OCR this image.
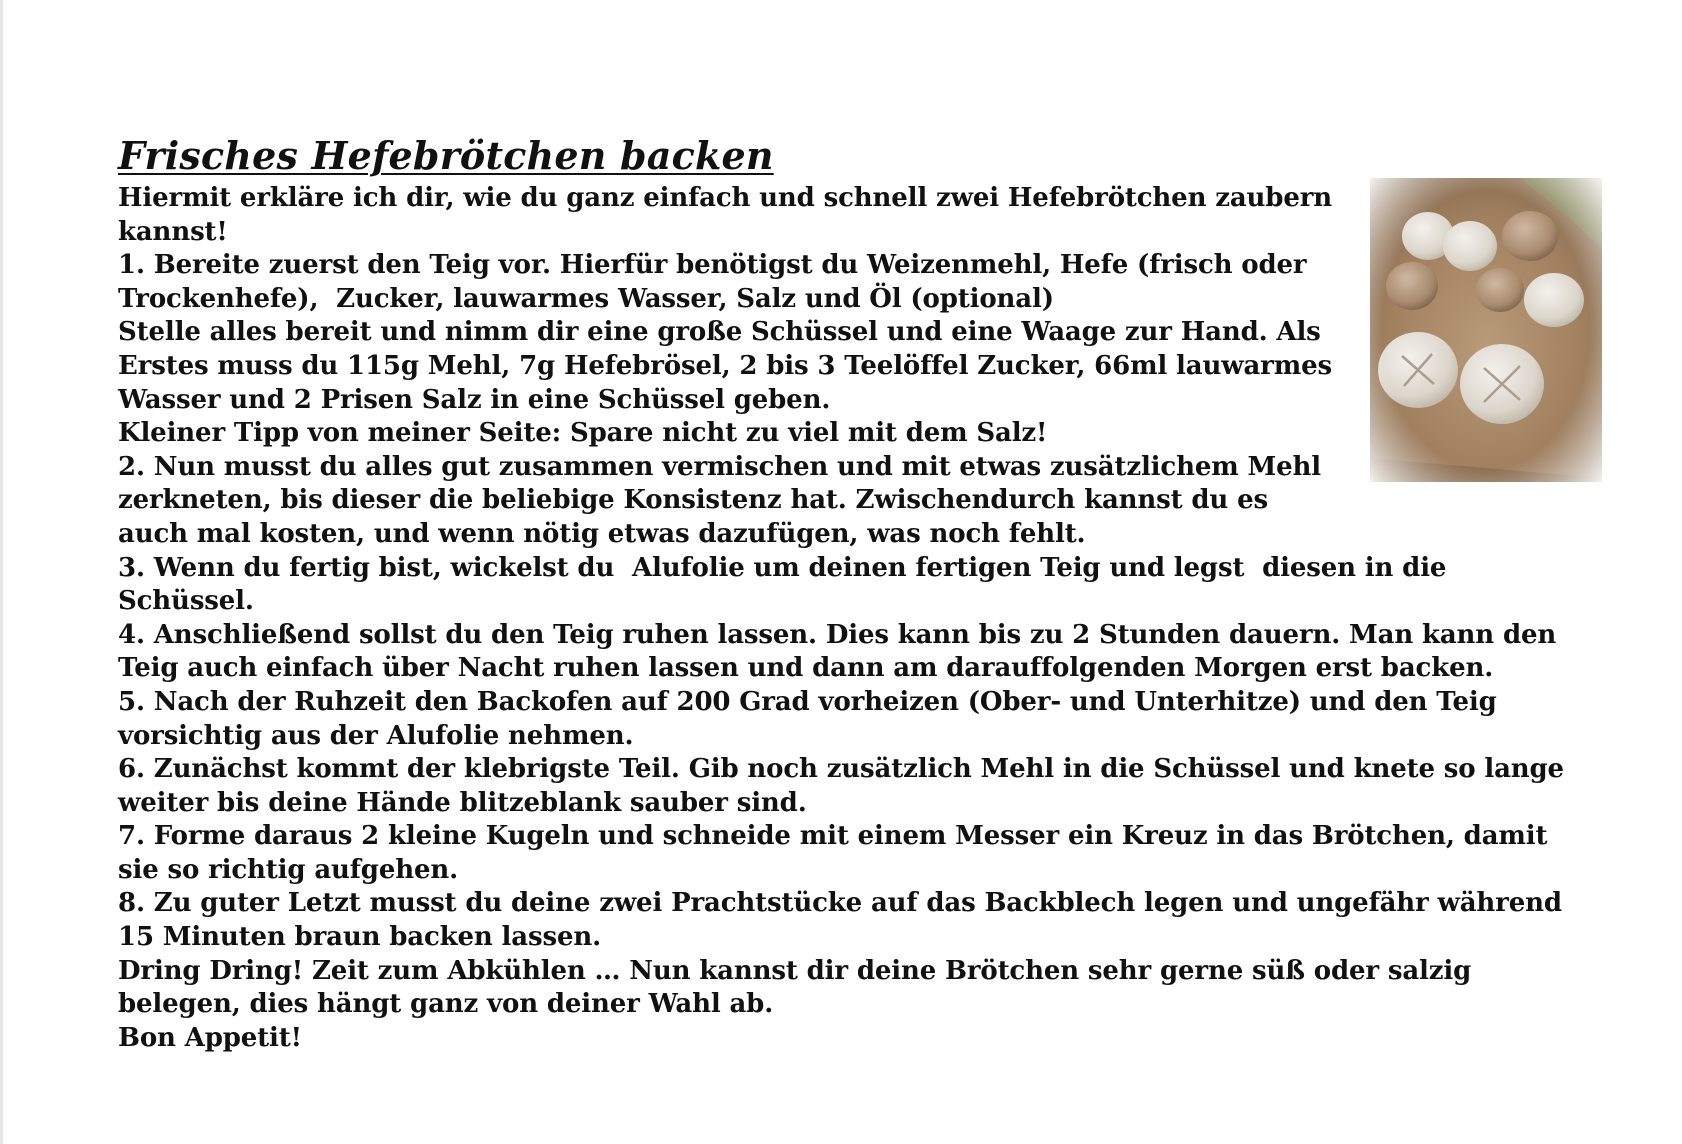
Frisches Hefebrötchen backen
Hiermit erkläre ich dir, wie du ganz einfach und schnell zwei Hefebrötchen zaubern
kannst!
1. Bereite zuerst den Teig vor. Hierfür benötigst du Weizenmehl, Hefe (frisch oder
Trockenhefe),  Zucker, lauwarmes Wasser, Salz und Öl (optional)
Stelle alles bereit und nimm dir eine große Schüssel und eine Waage zur Hand. Als
Erstes muss du 115g Mehl, 7g Hefebrösel, 2 bis 3 Teelöffel Zucker, 66ml lauwarmes
Wasser und 2 Prisen Salz in eine Schüssel geben.
Kleiner Tipp von meiner Seite: Spare nicht zu viel mit dem Salz!
2. Nun musst du alles gut zusammen vermischen und mit etwas zusätzlichem Mehl
zerkneten, bis dieser die beliebige Konsistenz hat. Zwischendurch kannst du es
auch mal kosten, und wenn nötig etwas dazufügen, was noch fehlt.
3. Wenn du fertig bist, wickelst du  Alufolie um deinen fertigen Teig und legst  diesen in die
Schüssel.
4. Anschließend sollst du den Teig ruhen lassen. Dies kann bis zu 2 Stunden dauern. Man kann den
Teig auch einfach über Nacht ruhen lassen und dann am darauffolgenden Morgen erst backen.
5. Nach der Ruhzeit den Backofen auf 200 Grad vorheizen (Ober- und Unterhitze) und den Teig
vorsichtig aus der Alufolie nehmen.
6. Zunächst kommt der klebrigste Teil. Gib noch zusätzlich Mehl in die Schüssel und knete so lange
weiter bis deine Hände blitzeblank sauber sind.
7. Forme daraus 2 kleine Kugeln und schneide mit einem Messer ein Kreuz in das Brötchen, damit
sie so richtig aufgehen.
8. Zu guter Letzt musst du deine zwei Prachtstücke auf das Backblech legen und ungefähr während
15 Minuten braun backen lassen.
Dring Dring! Zeit zum Abkühlen … Nun kannst dir deine Brötchen sehr gerne süß oder salzig
belegen, dies hängt ganz von deiner Wahl ab.
Bon Appetit!
